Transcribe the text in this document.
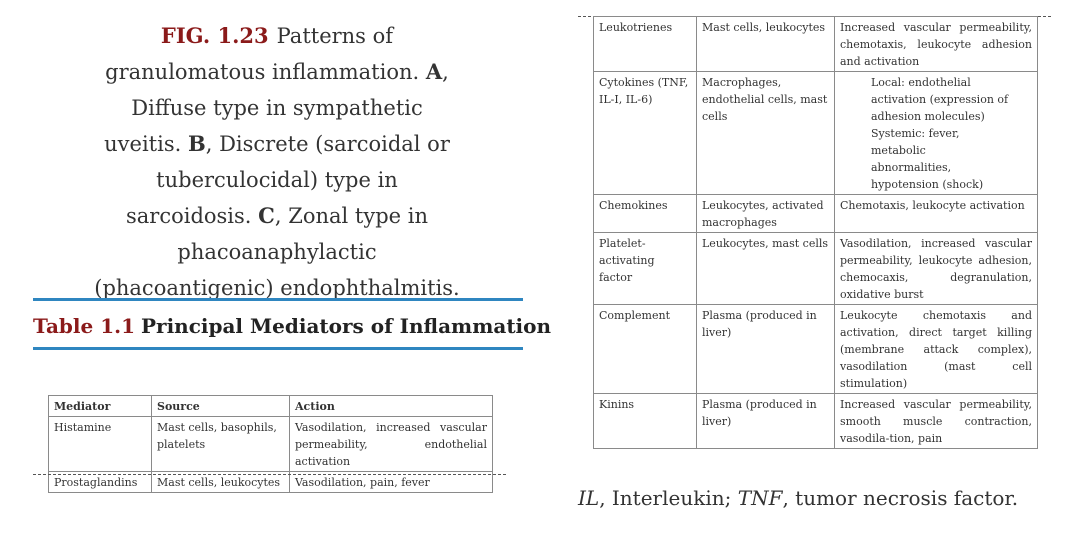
FIG. 1.23 Patterns of granulomatous inflammation. A, Diffuse type in sympathetic uveitis. B, Discrete (sarcoidal or tuberculocidal) type in sarcoidosis. C, Zonal type in phacoanaphylactic (phacoantigenic) endophthalmitis.
Table 1.1 Principal Mediators of Inflammation
Mediator	Source	Action
Histamine	Mast cells, basophils, platelets	Vasodilation, increased vascular permeability, endothelial activation
Prostaglandins	Mast cells, leukocytes	Vasodilation, pain, fever
Leukotrienes	Mast cells, leukocytes	Increased vascular permeability, chemotaxis, leukocyte adhesion and activation
Cytokines (TNF, IL-I, IL-6)	Macrophages, endothelial cells, mast cells	Local: endothelial activation (expression of adhesion molecules)
Systemic: fever, metabolic abnormalities, hypotension (shock)

Chemokines	Leukocytes, activated macrophages	Chemotaxis, leukocyte activation
Platelet-activating factor	Leukocytes, mast cells	Vasodilation, increased vascular permeability, leukocyte adhesion, chemocaxis, degranulation, oxidative burst
Complement	Plasma (produced in liver)	Leukocyte chemotaxis and activation, direct target killing (membrane attack complex), vasodilation (mast cell stimulation)
Kinins	Plasma (produced in liver)	Increased vascular permeability, smooth muscle contraction, vasodila-tion, pain
IL, Interleukin; TNF, tumor necrosis factor.
